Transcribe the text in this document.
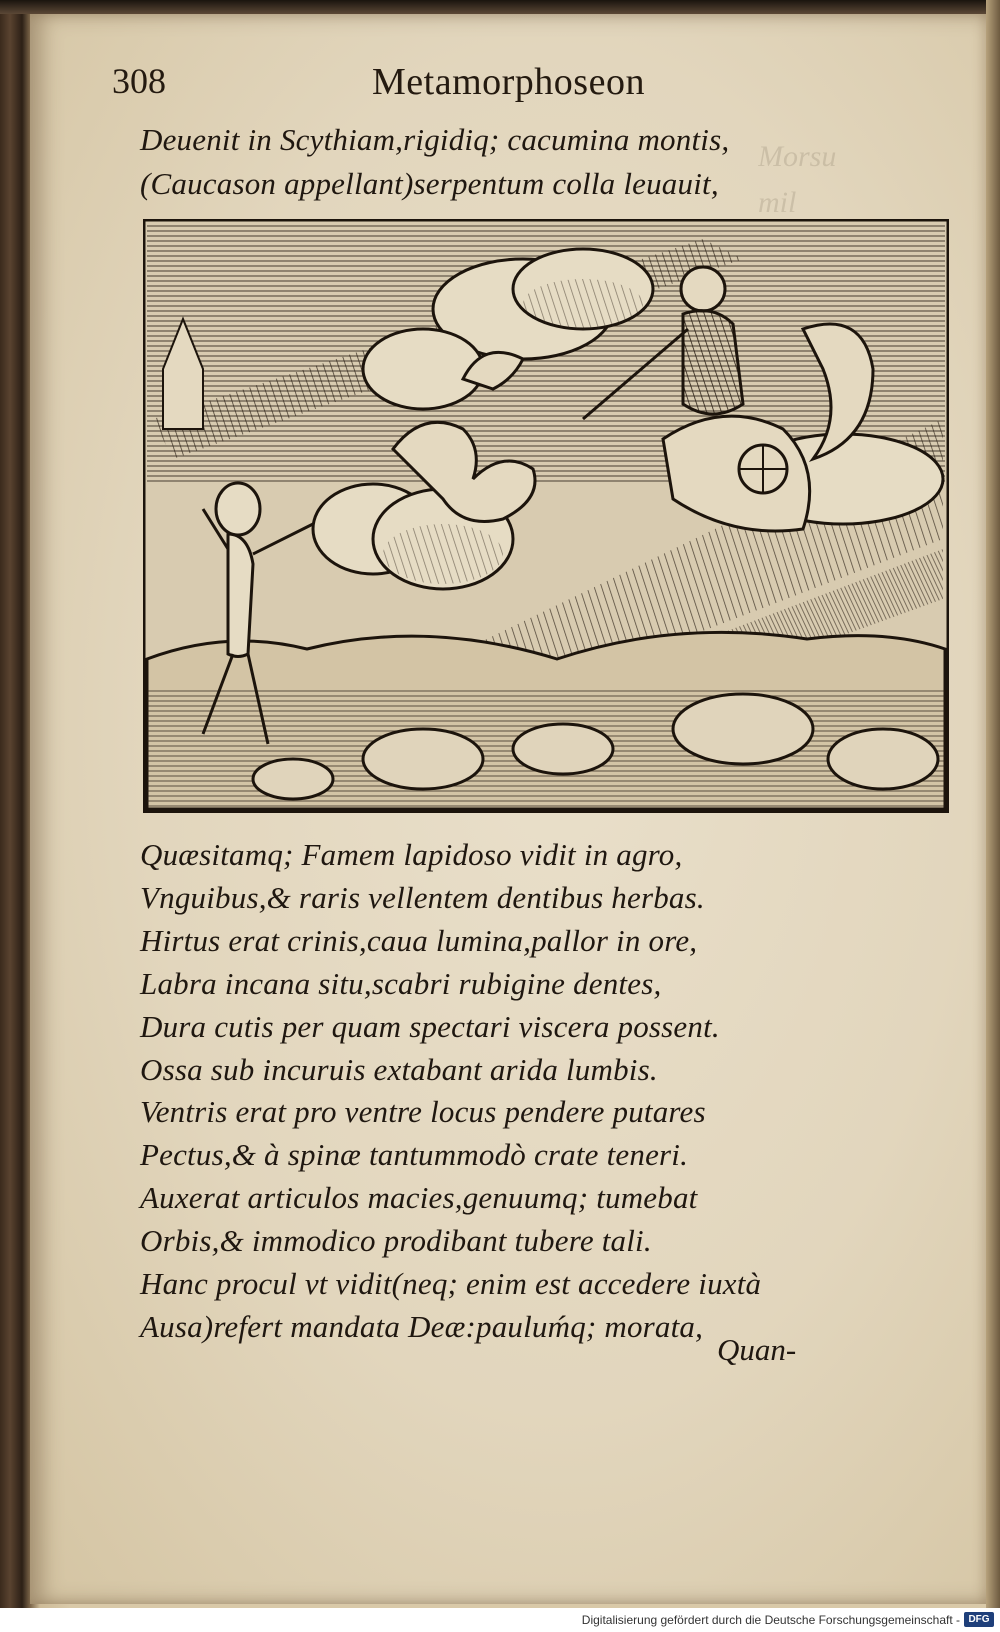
Morsu
mil
308	Metamorphoseon
Deuenit in Scythiam,rigidiq; cacumina montis,
(Caucason appellant)serpentum colla leuauit,
Quæsitamq; Famem lapidoso vidit in agro,
Vnguibus,& raris vellentem dentibus herbas.
Hirtus erat crinis,caua lumina,pallor in ore,
Labra incana situ,scabri rubigine dentes,
Dura cutis per quam spectari viscera possent.
Ossa sub incuruis extabant arida lumbis.
Ventris erat pro ventre locus pendere putares
Pectus,& à spinæ tantummodò crate teneri.
Auxerat articulos macies,genuumq; tumebat
Orbis,& immodico prodibant tubere tali.
Hanc procul vt vidit(neq; enim est accedere iuxtà
Ausa)refert mandata Deæ:pauluḿq; morata,
Quan-
Digitalisierung gefördert durch die Deutsche Forschungsgemeinschaft - DFG
